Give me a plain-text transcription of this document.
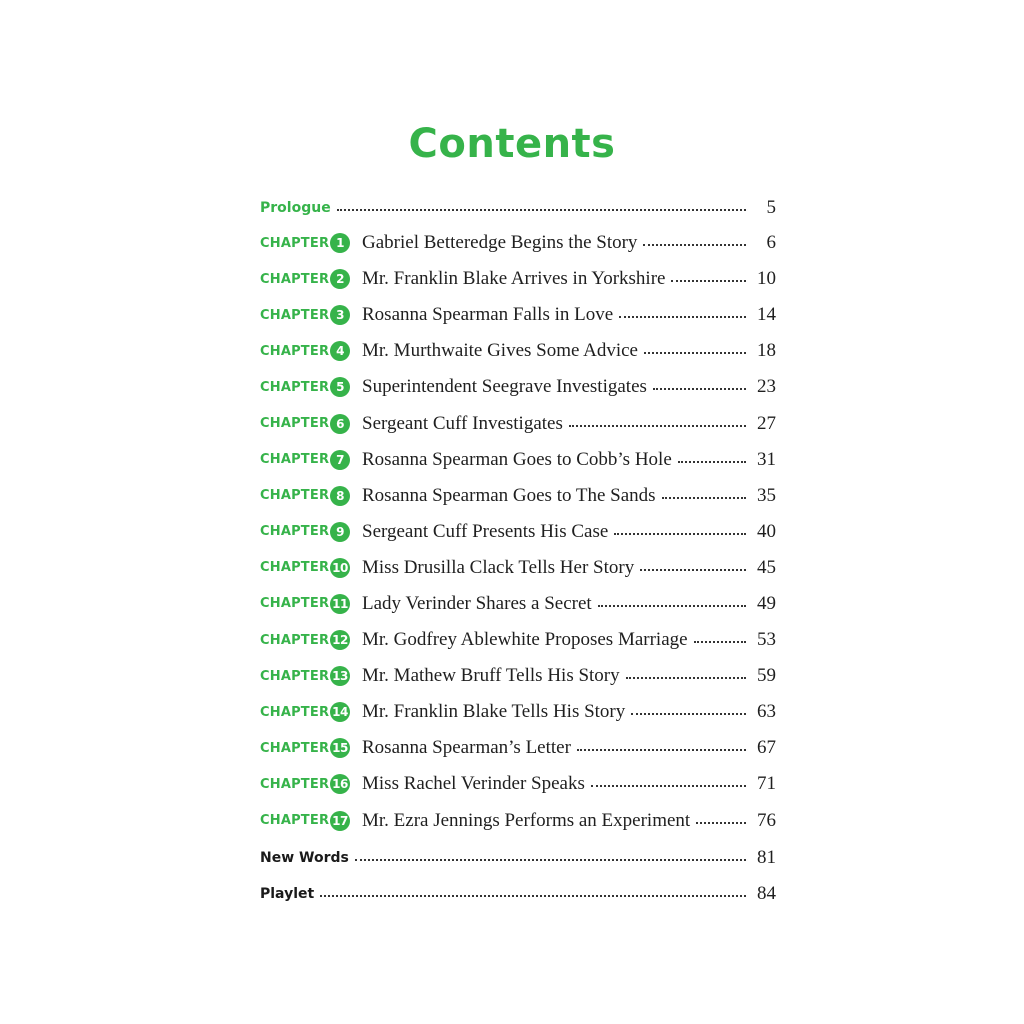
Contents
Prologue	5
CHAPTER 1 Gabriel Betteredge Begins the Story	6
CHAPTER 2 Mr. Franklin Blake Arrives in Yorkshire	10
CHAPTER 3 Rosanna Spearman Falls in Love	14
CHAPTER 4 Mr. Murthwaite Gives Some Advice	18
CHAPTER 5 Superintendent Seegrave Investigates	23
CHAPTER 6 Sergeant Cuff Investigates	27
CHAPTER 7 Rosanna Spearman Goes to Cobb’s Hole	31
CHAPTER 8 Rosanna Spearman Goes to The Sands	35
CHAPTER 9 Sergeant Cuff Presents His Case	40
CHAPTER 10 Miss Drusilla Clack Tells Her Story	45
CHAPTER 11 Lady Verinder Shares a Secret	49
CHAPTER 12 Mr. Godfrey Ablewhite Proposes Marriage	53
CHAPTER 13 Mr. Mathew Bruff Tells His Story	59
CHAPTER 14 Mr. Franklin Blake Tells His Story	63
CHAPTER 15 Rosanna Spearman’s Letter	67
CHAPTER 16 Miss Rachel Verinder Speaks	71
CHAPTER 17 Mr. Ezra Jennings Performs an Experiment	76
New Words	81
Playlet	84
